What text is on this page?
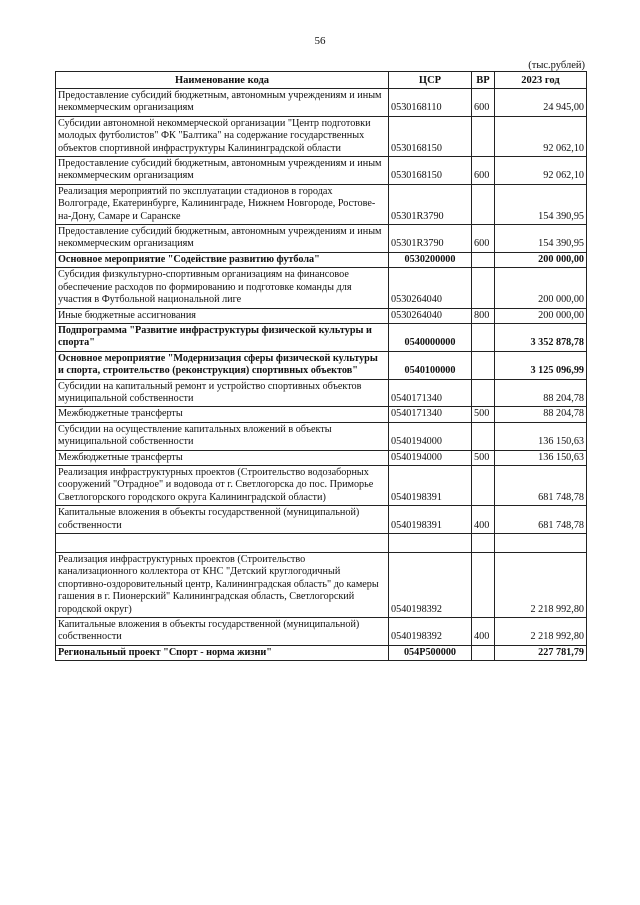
56
(тыс.рублей)
Наименование кода	ЦСР	ВР	2023 год
Предоставление субсидий бюджетным, автономным учреждениям и иным некоммерческим организациям	0530168110	600	24 945,00
Субсидии автономной некоммерческой организации "Центр подготовки молодых футболистов" ФК "Балтика" на содержание государственных объектов спортивной инфраструктуры Калининградской области	0530168150		92 062,10
Предоставление субсидий бюджетным, автономным учреждениям и иным некоммерческим организациям	0530168150	600	92 062,10
Реализация мероприятий по эксплуатации стадионов в городах Волгограде, Екатеринбурге, Калининграде, Нижнем Новгороде, Ростове-на-Дону, Самаре и Саранске	05301R3790		154 390,95
Предоставление субсидий бюджетным, автономным учреждениям и иным некоммерческим организациям	05301R3790	600	154 390,95
Основное мероприятие "Содействие развитию футбола"	0530200000		200 000,00
Субсидия физкультурно-спортивным организациям на финансовое обеспечение расходов по формированию и подготовке команды для участия в Футбольной национальной лиге	0530264040		200 000,00
Иные бюджетные ассигнования	0530264040	800	200 000,00
Подпрограмма "Развитие инфраструктуры физической культуры и спорта"	0540000000		3 352 878,78
Основное мероприятие "Модернизация сферы физической культуры и спорта, строительство (реконструкция) спортивных объектов"	0540100000		3 125 096,99
Субсидии на капитальный ремонт и устройство спортивных объектов муниципальной собственности	0540171340		88 204,78
Межбюджетные трансферты	0540171340	500	88 204,78
Субсидии на осуществление капитальных вложений в объекты муниципальной собственности	0540194000		136 150,63
Межбюджетные трансферты	0540194000	500	136 150,63
Реализация инфраструктурных проектов (Строительство водозаборных сооружений "Отрадное" и водовода от г. Светлогорска до пос. Приморье Светлогорского городского округа Калининградской области)	0540198391		681 748,78
Капитальные вложения в объекты государственной (муниципальной) собственности	0540198391	400	681 748,78

Реализация инфраструктурных проектов (Строительство канализационного коллектора от КНС "Детский круглогодичный спортивно-оздоровительный центр, Калининградская область" до камеры гашения в г. Пионерский" Калининградская область, Светлогорский городской округ)	0540198392		2 218 992,80
Капитальные вложения в объекты государственной (муниципальной) собственности	0540198392	400	2 218 992,80
Региональный проект "Спорт - норма жизни"	054P500000		227 781,79
